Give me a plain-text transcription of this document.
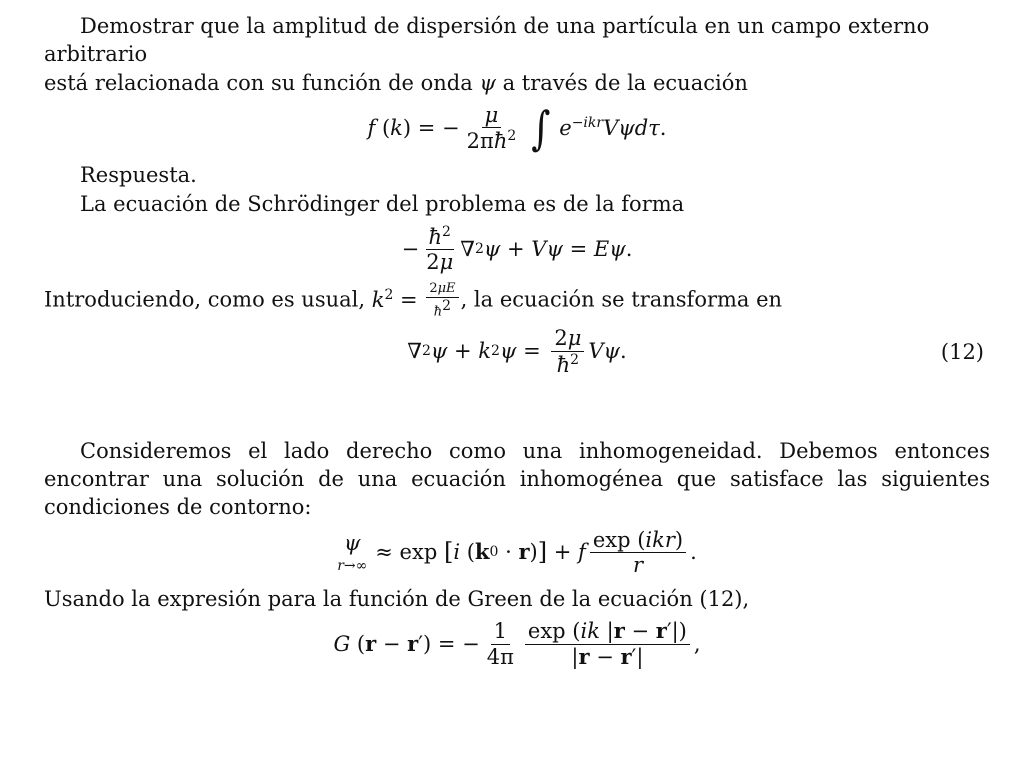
Demostrar que la amplitud de dispersión de una partícula en un campo externo arbitrario
está relacionada con su función de onda ψ a través de la ecuación

f ( k ) = − $\frac{\mu}{2\pi ħ^2}$ ∫ $e^{-ikr}V\psi d\tau$.

Respuesta.

La ecuación de Schrödinger del problema es de la forma

− $\frac{ħ^2}{2\mu}$ ∇ 2 ψ + Vψ = Eψ .

Introduciendo, como es usual, $k^2 = \frac{2\mu E}{ħ^2}$ , la ecuación se transforma en

∇ 2 ψ + k 2 $\psi = \frac{2\mu}{ħ^2}$ Vψ .	(12)

Consideremos el lado derecho como una inhomogeneidad. Debemos entonces encontrar una solución de una ecuación inhomogénea que satisface las siguientes condiciones de contorno:

ψ
r→∞
≈ exp [ i ( k 0 · r ) ] + f $\frac{\text{exp (ikr)}}{r}$ .

Usando la expresión para la función de Green de la ecuación (12),

G ( r − r ′) = − $\frac{1}{4\pi} \frac{\exp (ik |r - r'|)}{|r - r'|}$ ,
